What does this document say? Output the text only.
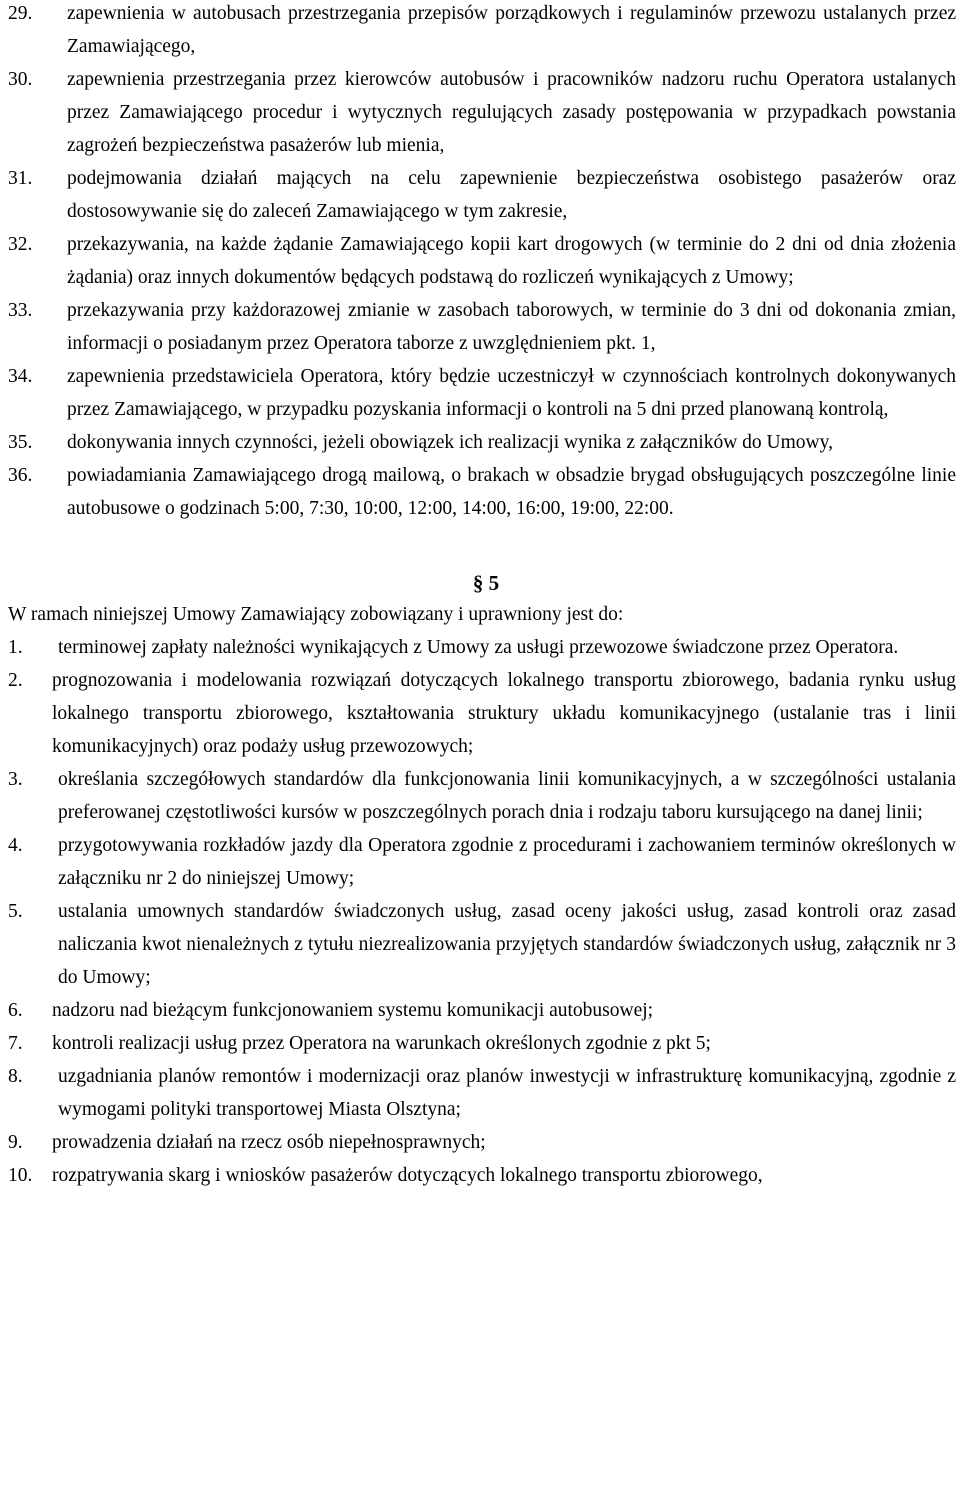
29. zapewnienia w autobusach przestrzegania przepisów porządkowych i regulaminów przewozu ustalanych przez Zamawiającego,
30. zapewnienia przestrzegania przez kierowców autobusów i pracowników nadzoru ruchu Operatora ustalanych przez Zamawiającego procedur i wytycznych regulujących zasady postępowania w przypadkach powstania zagrożeń bezpieczeństwa pasażerów lub mienia,
31. podejmowania działań mających na celu zapewnienie bezpieczeństwa osobistego pasażerów oraz dostosowywanie się do zaleceń Zamawiającego w tym zakresie,
32. przekazywania, na każde żądanie Zamawiającego kopii kart drogowych (w terminie do 2 dni od dnia złożenia żądania) oraz innych dokumentów będących podstawą do rozliczeń wynikających z Umowy;
33. przekazywania przy każdorazowej zmianie w zasobach taborowych, w terminie do 3 dni od dokonania zmian, informacji o posiadanym przez Operatora taborze z uwzględnieniem pkt. 1,
34. zapewnienia przedstawiciela Operatora, który będzie uczestniczył w czynnościach kontrolnych dokonywanych przez Zamawiającego, w przypadku pozyskania informacji o kontroli na 5 dni przed planowaną kontrolą,
35. dokonywania innych czynności, jeżeli obowiązek ich realizacji wynika z załączników do Umowy,
36. powiadamiania Zamawiającego drogą mailową, o brakach w obsadzie brygad obsługujących poszczególne linie autobusowe o godzinach 5:00, 7:30, 10:00, 12:00, 14:00, 16:00, 19:00, 22:00.
§ 5
W ramach niniejszej Umowy Zamawiający zobowiązany i uprawniony jest do:
1. terminowej zapłaty należności wynikających z Umowy za usługi przewozowe świadczone przez Operatora.
2. prognozowania i modelowania rozwiązań dotyczących lokalnego transportu zbiorowego, badania rynku usług lokalnego transportu zbiorowego, kształtowania struktury układu komunikacyjnego (ustalanie tras i linii komunikacyjnych) oraz podaży usług przewozowych;
3. określania szczegółowych standardów dla funkcjonowania linii komunikacyjnych, a w szczególności ustalania preferowanej częstotliwości kursów w poszczególnych porach dnia i rodzaju taboru kursującego na danej linii;
4. przygotowywania rozkładów jazdy dla Operatora zgodnie z procedurami i zachowaniem terminów określonych w załączniku nr 2 do niniejszej Umowy;
5. ustalania umownych standardów świadczonych usług, zasad oceny jakości usług, zasad kontroli oraz zasad naliczania kwot nienależnych z tytułu niezrealizowania przyjętych standardów świadczonych usług, załącznik nr 3 do Umowy;
6. nadzoru nad bieżącym funkcjonowaniem systemu komunikacji autobusowej;
7. kontroli realizacji usług przez Operatora na warunkach określonych zgodnie z pkt 5;
8. uzgadniania planów remontów i modernizacji oraz planów inwestycji w infrastrukturę komunikacyjną, zgodnie z wymogami polityki transportowej Miasta Olsztyna;
9. prowadzenia działań na rzecz osób niepełnosprawnych;
10. rozpatrywania skarg i wniosków pasażerów dotyczących lokalnego transportu zbiorowego,
